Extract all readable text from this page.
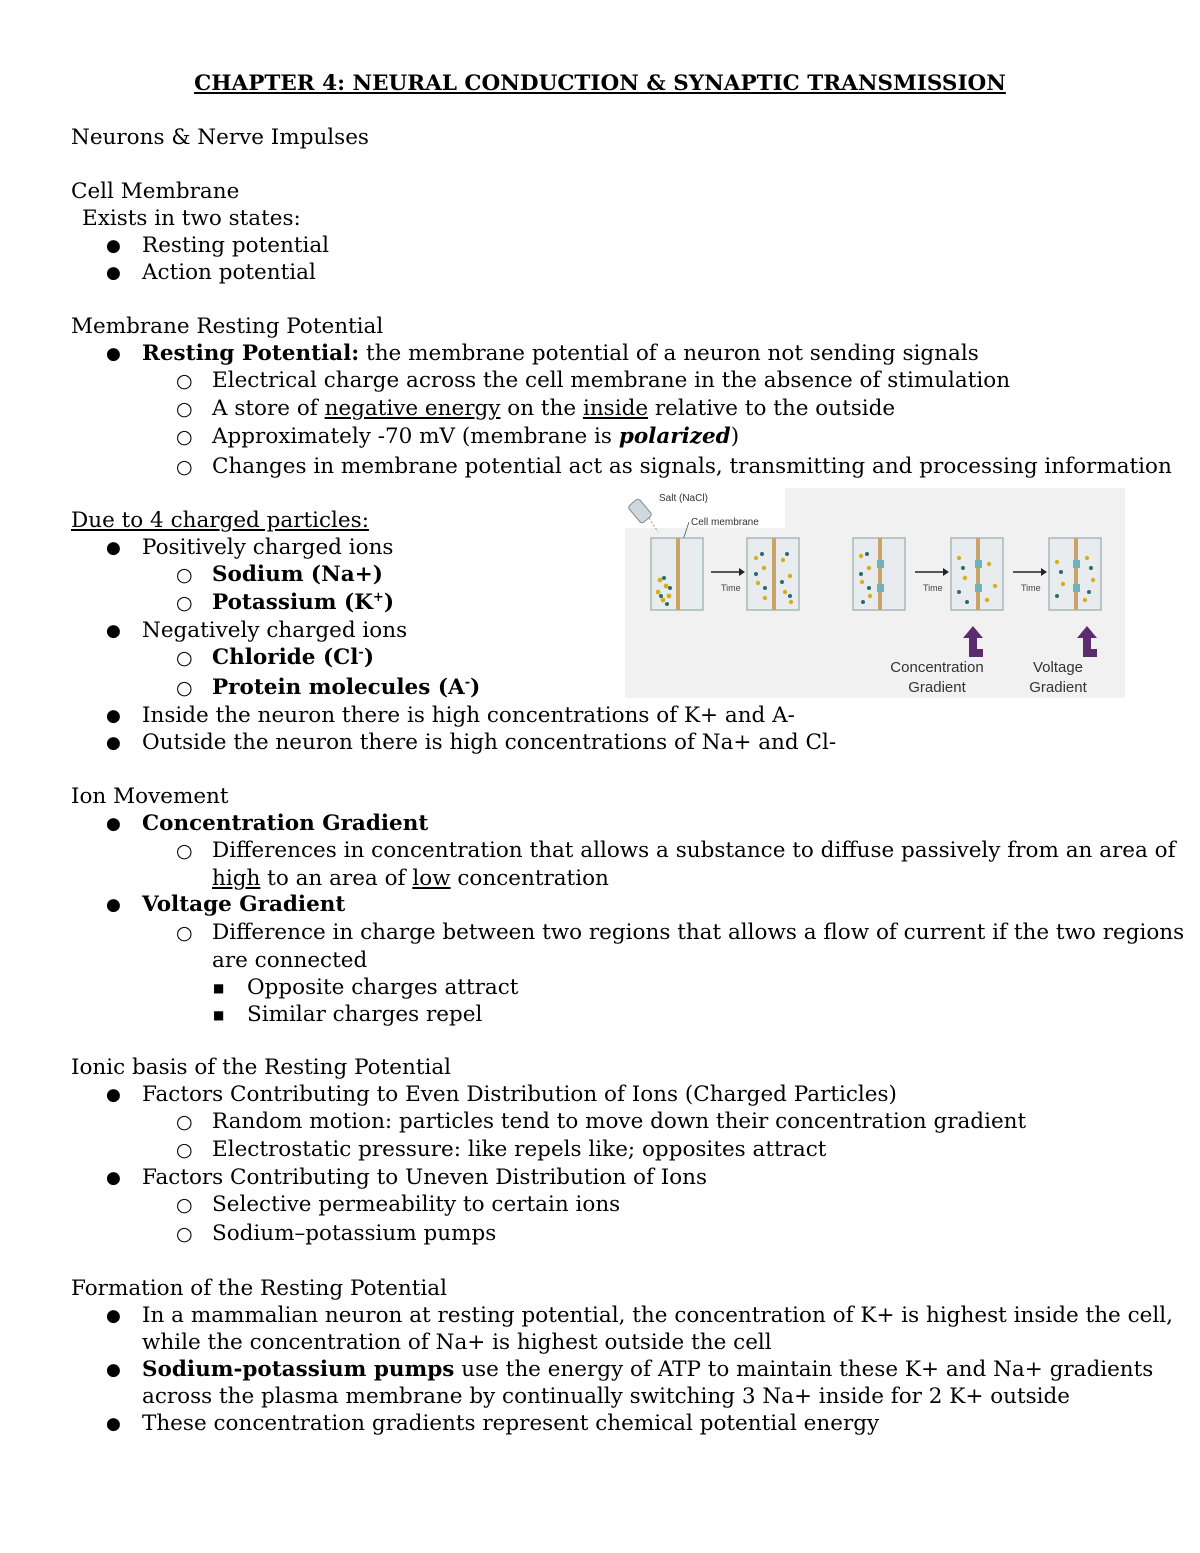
CHAPTER 4: NEURAL CONDUCTION & SYNAPTIC TRANSMISSION
Neurons & Nerve Impulses
Cell Membrane
Exists in two states:
● Resting potential
● Action potential
Membrane Resting Potential
● Resting Potential: the membrane potential of a neuron not sending signals
○ Electrical charge across the cell membrane in the absence of stimulation
○ A store of negative energy on the inside relative to the outside
○ Approximately -70 mV (membrane is polarized)
○ Changes in membrane potential act as signals, transmitting and processing information
Due to 4 charged particles:
● Positively charged ions
○ Sodium (Na+)
○ Potassium (K+)
● Negatively charged ions
○ Chloride (Cl-)
○ Protein molecules (A-)
● Inside the neuron there is high concentrations of K+ and A-
● Outside the neuron there is high concentrations of Na+ and Cl-
Salt (NaCl)
Cell membrane
Time	Time	Time
Concentration
Gradient
Voltage
Gradient
Ion Movement
● Concentration Gradient
○ Differences in concentration that allows a substance to diffuse passively from an area of
high to an area of low concentration
● Voltage Gradient
○ Difference in charge between two regions that allows a flow of current if the two regions
are connected
■ Opposite charges attract
■ Similar charges repel
Ionic basis of the Resting Potential
● Factors Contributing to Even Distribution of Ions (Charged Particles)
○ Random motion: particles tend to move down their concentration gradient
○ Electrostatic pressure: like repels like; opposites attract
● Factors Contributing to Uneven Distribution of Ions
○ Selective permeability to certain ions
○ Sodium–potassium pumps
Formation of the Resting Potential
● In a mammalian neuron at resting potential, the concentration of K+ is highest inside the cell,
while the concentration of Na+ is highest outside the cell
● Sodium-potassium pumps use the energy of ATP to maintain these K+ and Na+ gradients
across the plasma membrane by continually switching 3 Na+ inside for 2 K+ outside
● These concentration gradients represent chemical potential energy
